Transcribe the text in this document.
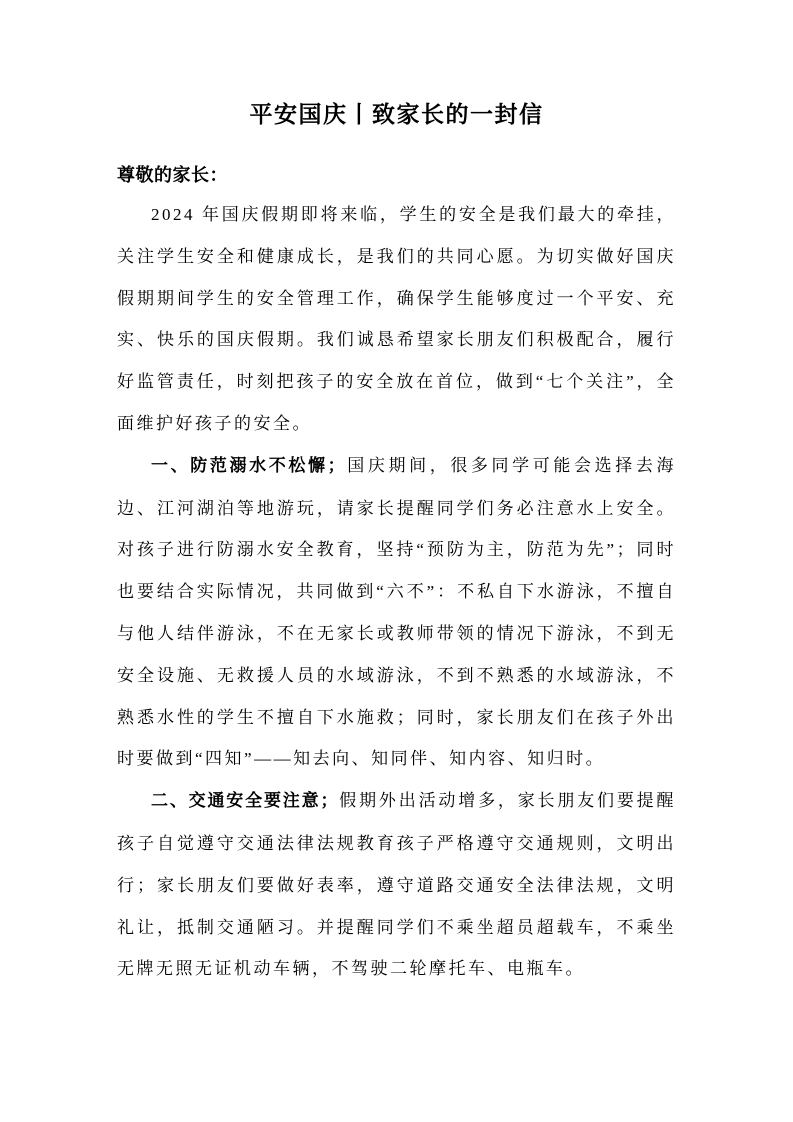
平安国庆丨致家长的一封信
尊敬的家长：

2024 年国庆假期即将来临，学生的安全是我们最大的牵挂，关注学生安全和健康成长，是我们的共同心愿。为切实做好国庆假期期间学生的安全管理工作，确保学生能够度过一个平安、充实、快乐的国庆假期。我们诚恳希望家长朋友们积极配合，履行好监管责任，时刻把孩子的安全放在首位，做到“七个关注”，全面维护好孩子的安全。

一、防范溺水不松懈；国庆期间，很多同学可能会选择去海边、江河湖泊等地游玩，请家长提醒同学们务必注意水上安全。对孩子进行防溺水安全教育，坚持“预防为主，防范为先”；同时也要结合实际情况，共同做到“六不”：不私自下水游泳，不擅自与他人结伴游泳，不在无家长或教师带领的情况下游泳，不到无安全设施、无救援人员的水域游泳，不到不熟悉的水域游泳，不熟悉水性的学生不擅自下水施救；同时，家长朋友们在孩子外出时要做到“四知”——知去向、知同伴、知内容、知归时。

二、交通安全要注意；假期外出活动增多，家长朋友们要提醒孩子自觉遵守交通法律法规教育孩子严格遵守交通规则，文明出行；家长朋友们要做好表率，遵守道路交通安全法律法规，文明礼让，抵制交通陋习。并提醒同学们不乘坐超员超载车，不乘坐无牌无照无证机动车辆，不驾驶二轮摩托车、电瓶车。
